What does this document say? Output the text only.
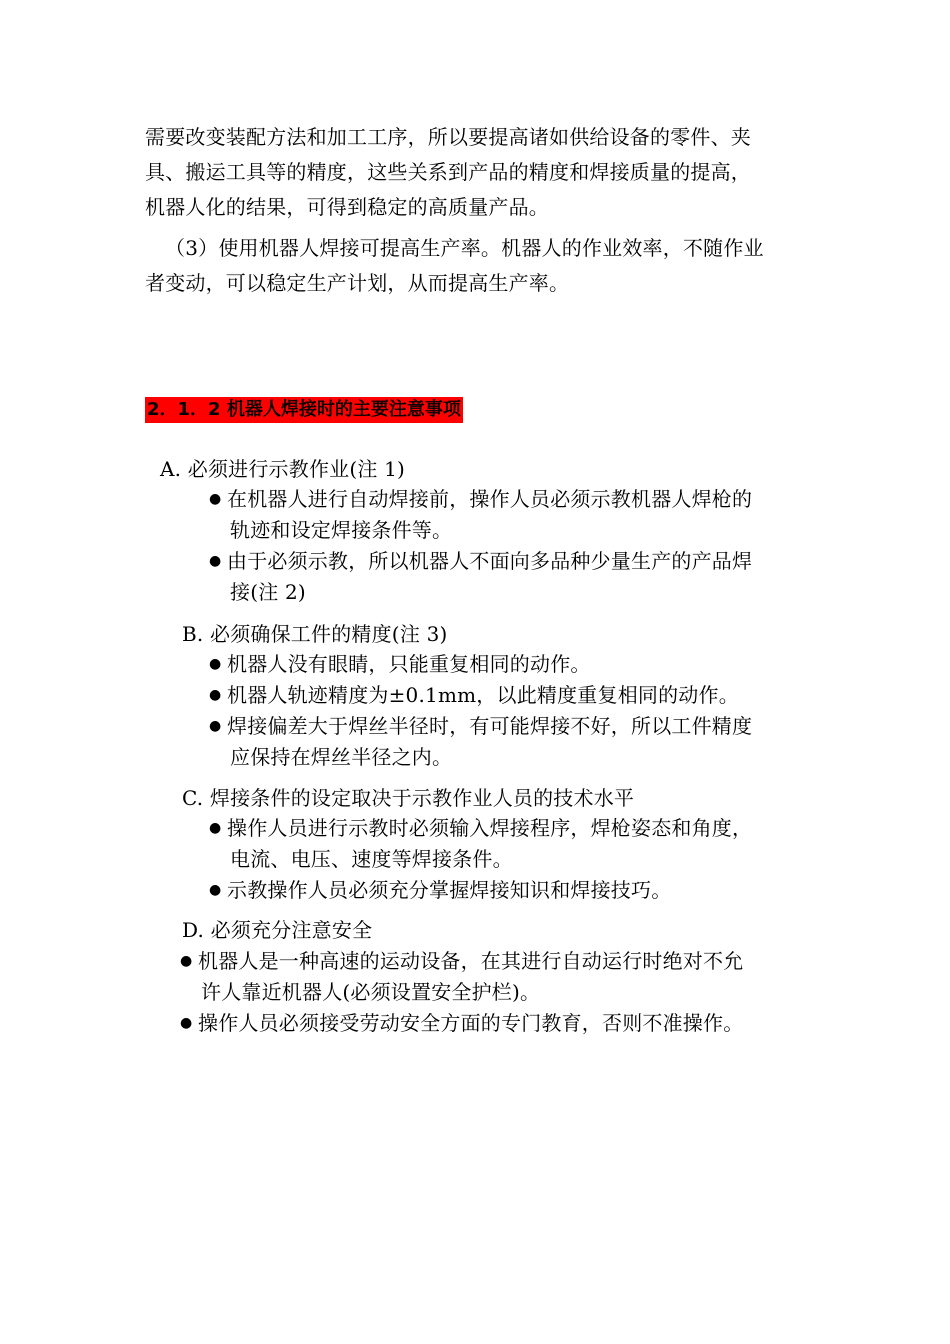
需要改变装配方法和加工工序，所以要提高诸如供给设备的零件、夹
具、搬运工具等的精度，这些关系到产品的精度和焊接质量的提高，
机器人化的结果，可得到稳定的高质量产品。
（3）使用机器人焊接可提高生产率。机器人的作业效率，不随作业
者变动，可以稳定生产计划，从而提高生产率。
2．1．2 机器人焊接时的主要注意事项
A. 必须进行示教作业(注 1)
● 在机器人进行自动焊接前，操作人员必须示教机器人焊枪的
轨迹和设定焊接条件等。
● 由于必须示教，所以机器人不面向多品种少量生产的产品焊
接(注 2)
B. 必须确保工件的精度(注 3)
● 机器人没有眼睛，只能重复相同的动作。
● 机器人轨迹精度为±0.1mm，以此精度重复相同的动作。
● 焊接偏差大于焊丝半径时，有可能焊接不好，所以工件精度
应保持在焊丝半径之内。
C. 焊接条件的设定取决于示教作业人员的技术水平
● 操作人员进行示教时必须输入焊接程序，焊枪姿态和角度，
电流、电压、速度等焊接条件。
● 示教操作人员必须充分掌握焊接知识和焊接技巧。
D. 必须充分注意安全
● 机器人是一种高速的运动设备，在其进行自动运行时绝对不允
许人靠近机器人(必须设置安全护栏)。
● 操作人员必须接受劳动安全方面的专门教育，否则不准操作。
